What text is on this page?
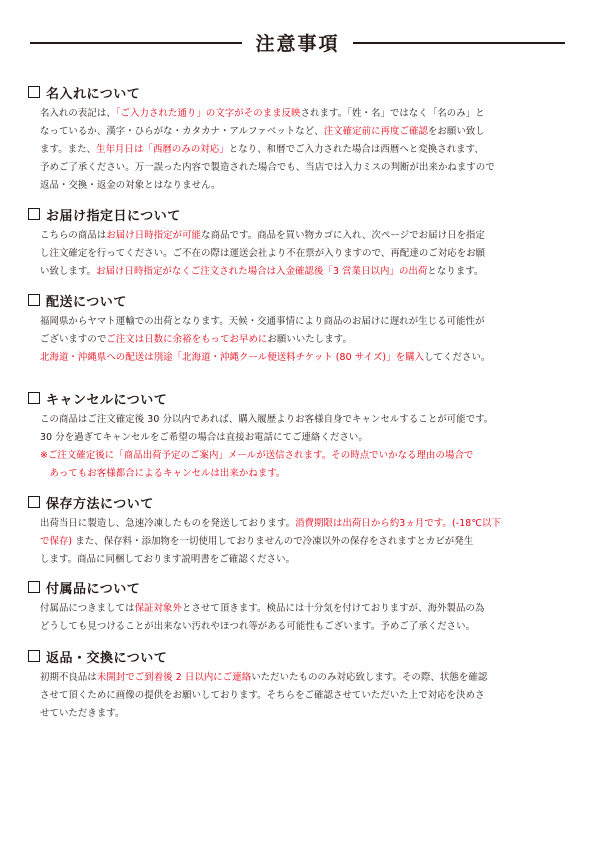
注意事項
名入れについて
名入れの表記は、「ご入力された通り」の文字がそのまま反映されます。「姓・名」ではなく「名のみ」と
なっているか、漢字・ひらがな・カタカナ・アルファベットなど、注文確定前に再度ご確認をお願い致し
ます。また、生年月日は「西暦のみの対応」となり、和暦でご入力された場合は西暦へと変換されます、
予めご了承ください。万一誤った内容で製造された場合でも、当店では入力ミスの判断が出来かねますので
返品・交換・返金の対象とはなりません。
お届け指定日について
こちらの商品はお届け日時指定が可能な商品です。商品を買い物カゴに入れ、次ページでお届け日を指定
し注文確定を行ってください。ご不在の際は運送会社より不在票が入りますので、再配達のご対応をお願
い致します。お届け日時指定がなくご注文された場合は入金確認後「3 営業日以内」の出荷となります。
配送について
福岡県からヤマト運輸での出荷となります。天候・交通事情により商品のお届けに遅れが生じる可能性が
ございますのでご注文は日数に余裕をもってお早めにお願いいたします。
北海道・沖縄県への配送は別途「北海道・沖縄クール便送料チケット (80 サイズ)」を購入してください。
キャンセルについて
この商品はご注文確定後 30 分以内であれば、購入履歴よりお客様自身でキャンセルすることが可能です。
30 分を過ぎてキャンセルをご希望の場合は直接お電話にてご連絡ください。
※ご注文確定後に「商品出荷予定のご案内」メールが送信されます。その時点でいかなる理由の場合で
　あってもお客様都合によるキャンセルは出来かねます。
保存方法について
出荷当日に製造し、急速冷凍したものを発送しております。消費期限は出荷日から約3ヵ月です。(-18℃以下
で保存) また、保存料・添加物を一切使用しておりませんので冷凍以外の保存をされますとカビが発生
します。商品に同梱しております説明書をご確認ください。
付属品について
付属品につきましては保証対象外とさせて頂きます。検品には十分気を付けておりますが、海外製品の為
どうしても見つけることが出来ない汚れやほつれ等がある可能性もございます。予めご了承ください。
返品・交換について
初期不良品は未開封でご到着後 2 日以内にご連絡いただいたもののみ対応致します。その際、状態を確認
させて頂くために画像の提供をお願いしております。そちらをご確認させていただいた上で対応を決めさ
せていただきます。
